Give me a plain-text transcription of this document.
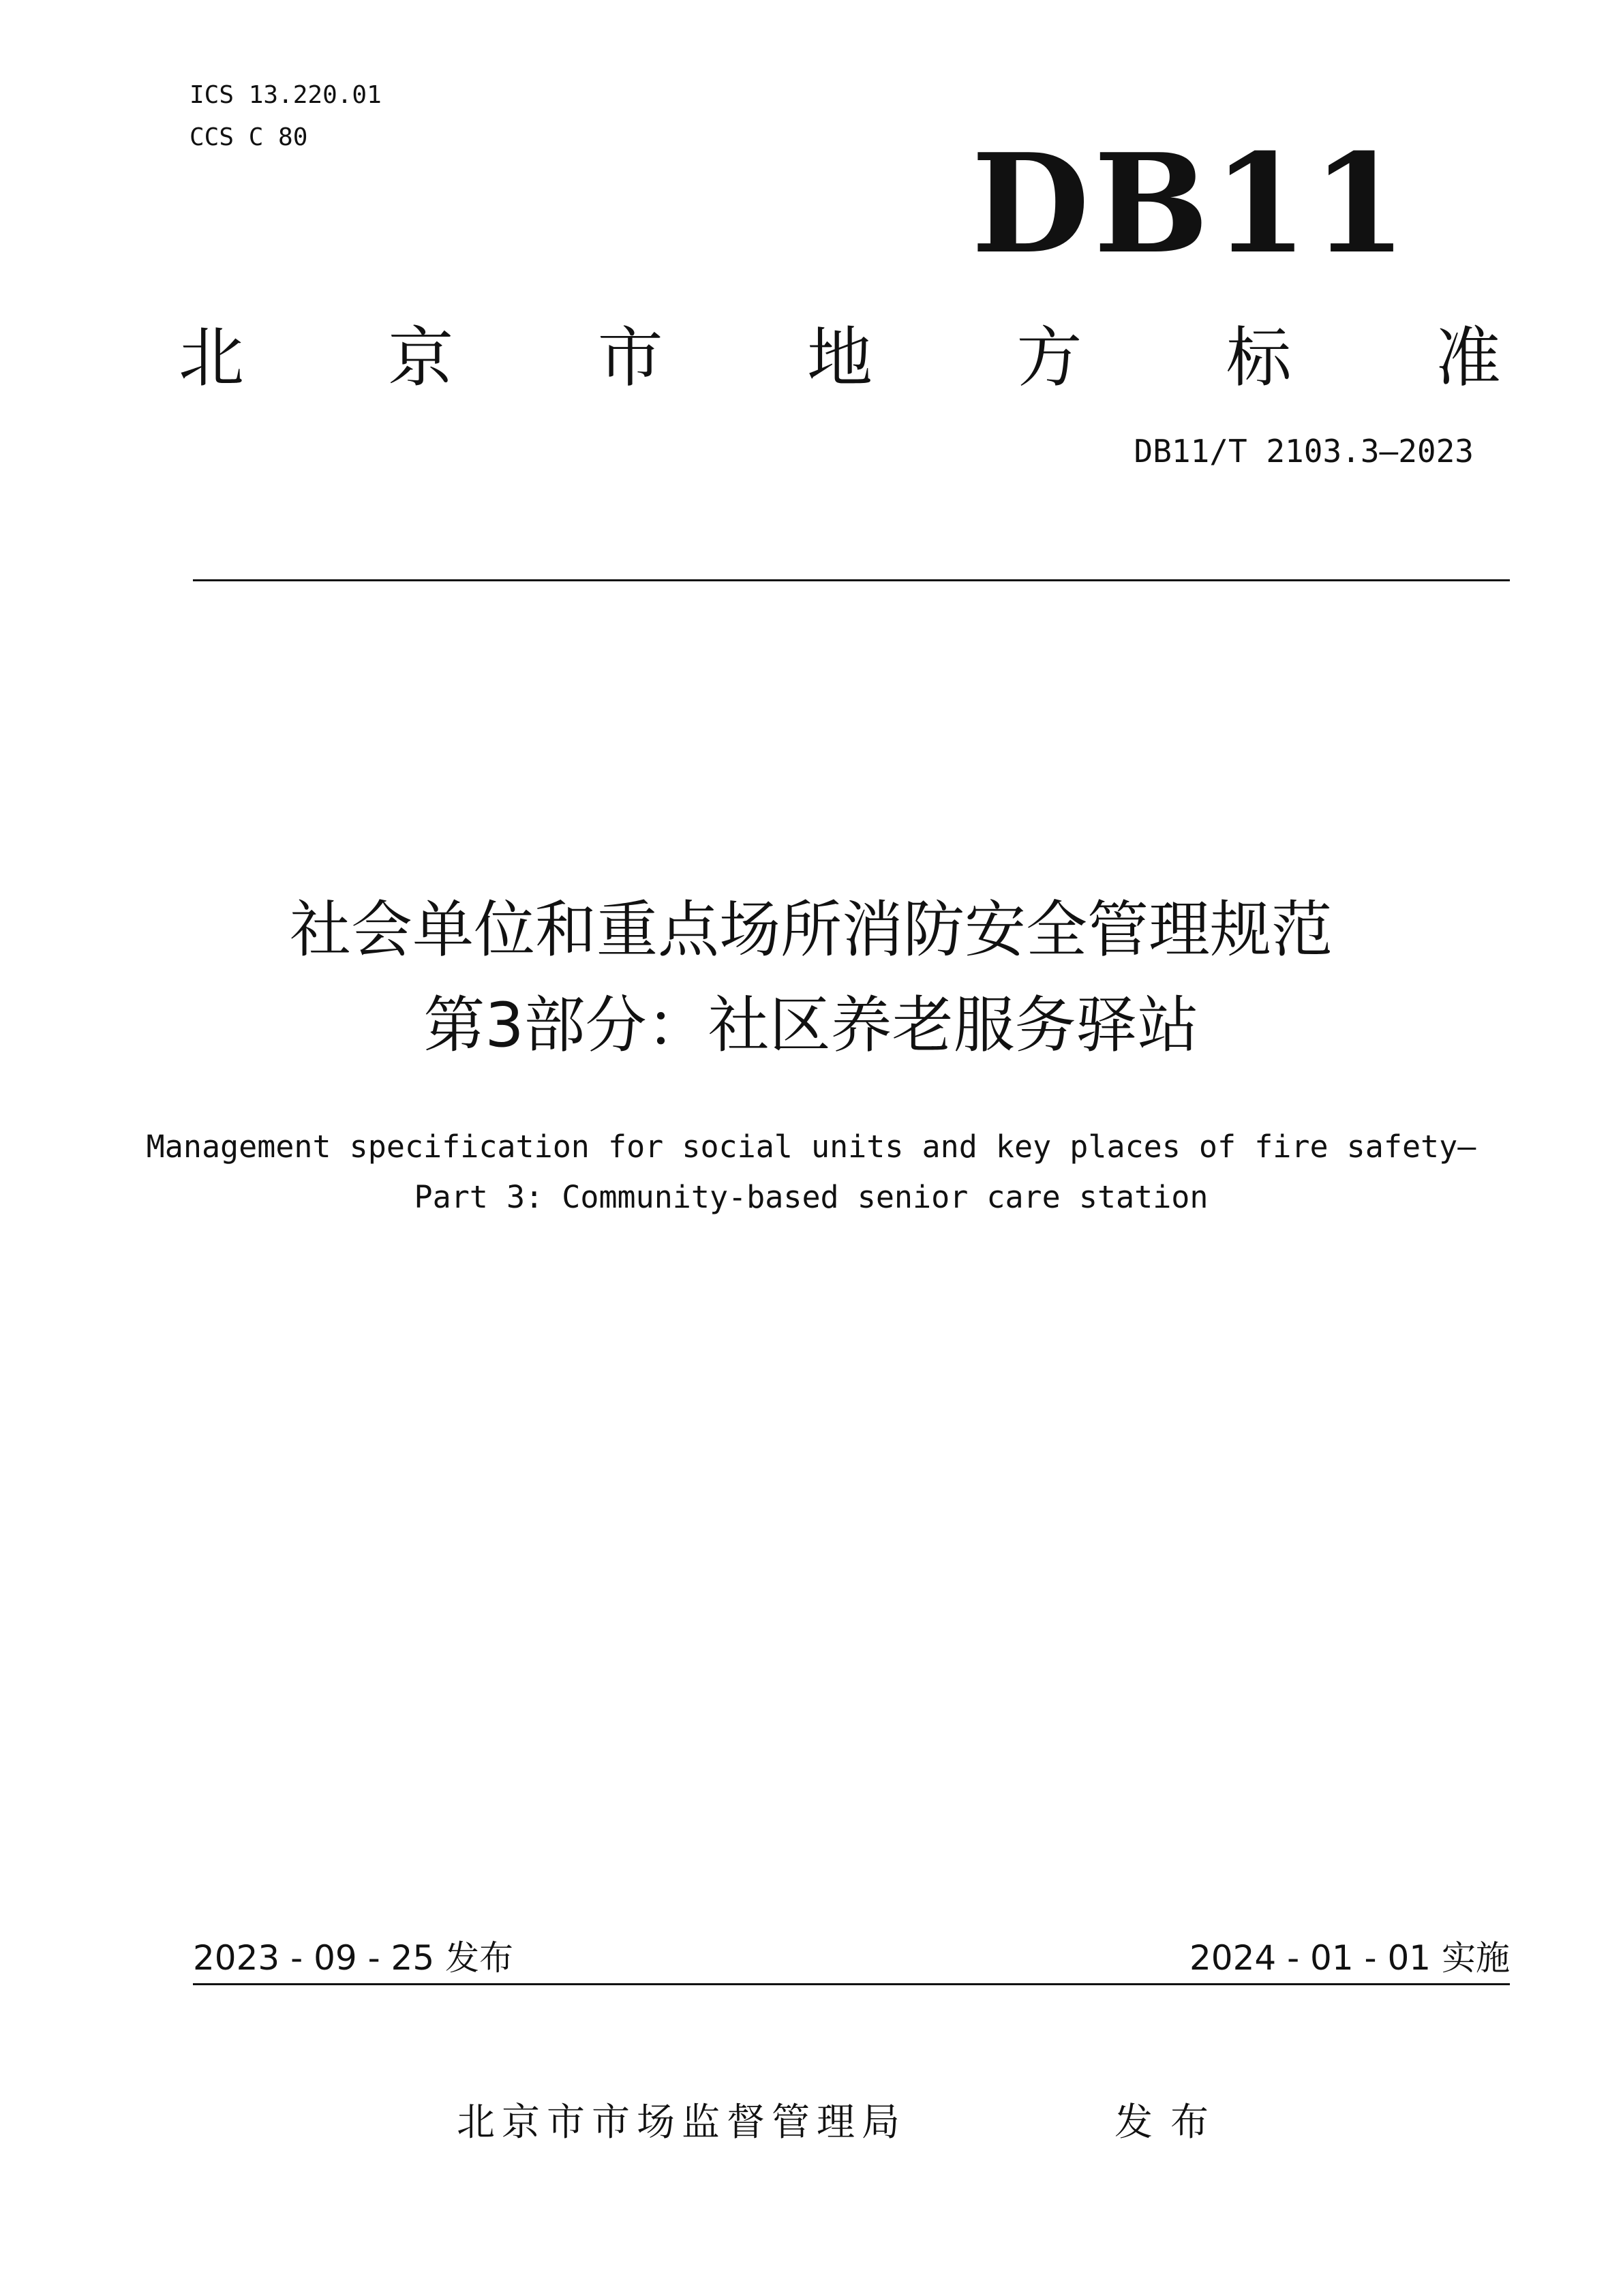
ICS 13.220.01
CCS C 80	DB11
北 京 市 地 方 标 准
DB11/T 2103.3—2023
社会单位和重点场所消防安全管理规范
第3部分：社区养老服务驿站
Management specification for social units and key places of fire safety—
Part 3: Community-based senior care station
2023 - 09 - 25 发布	2024 - 01 - 01 实施
北京市市场监督管理局	发布
